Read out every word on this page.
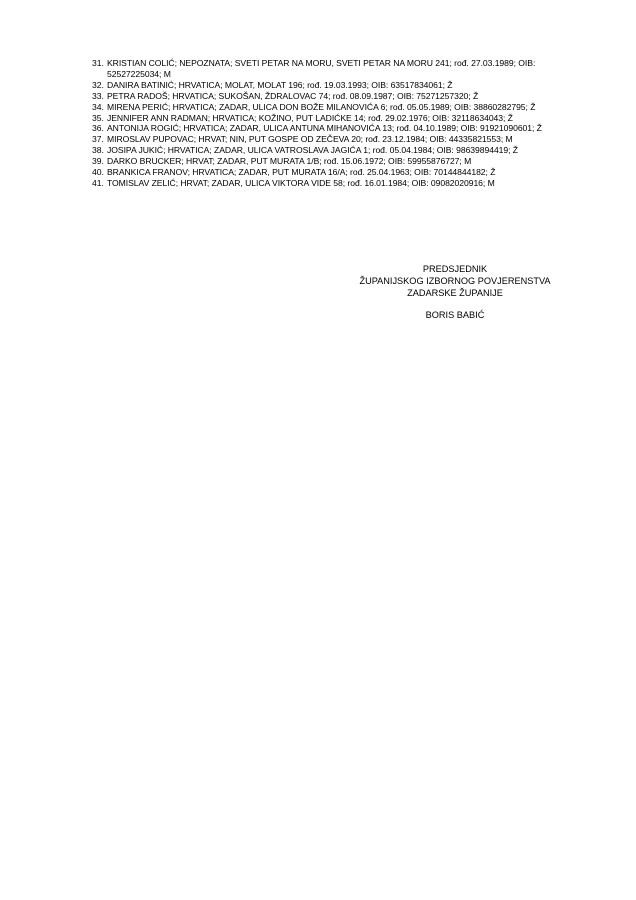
31. KRISTIAN COLIĆ; NEPOZNATA; SVETI PETAR NA MORU, SVETI PETAR NA MORU 241; rođ. 27.03.1989; OIB: 52527225034; M
32. DANIRA BATINIĆ; HRVATICA; MOLAT, MOLAT 196; rođ. 19.03.1993; OIB: 63517834061; Ž
33. PETRA RADOŠ; HRVATICA; SUKOŠAN, ŽDRALOVAC 74; rođ. 08.09.1987; OIB: 75271257320; Ž
34. MIRENA PERIĆ; HRVATICA; ZADAR, ULICA DON BOŽE MILANOVIĆA 6; rođ. 05.05.1989; OIB: 38860282795; Ž
35. JENNIFER ANN RADMAN; HRVATICA; KOŽINO, PUT LADIĆKE 14; rođ. 29.02.1976; OIB: 32118634043; Ž
36. ANTONIJA ROGIĆ; HRVATICA; ZADAR, ULICA ANTUNA MIHANOVIĆA 13; rođ. 04.10.1989; OIB: 91921090601; Ž
37. MIROSLAV PUPOVAC; HRVAT; NIN, PUT GOSPE OD ZEČEVA 20; rođ. 23.12.1984; OIB: 44335821553; M
38. JOSIPA JUKIĆ; HRVATICA; ZADAR, ULICA VATROSLAVA JAGIĆA 1; rođ. 05.04.1984; OIB: 98639894419; Ž
39. DARKO BRUCKER; HRVAT; ZADAR, PUT MURATA 1/B; rođ. 15.06.1972; OIB: 59955876727; M
40. BRANKICA FRANOV; HRVATICA; ZADAR, PUT MURATA 16/A; rođ. 25.04.1963; OIB: 70144844182; Ž
41. TOMISLAV ZELIĆ; HRVAT; ZADAR, ULICA VIKTORA VIDE 58; rođ. 16.01.1984; OIB: 09082020916; M
PREDSJEDNIK
ŽUPANIJSKOG IZBORNOG POVJERENSTVA
ZADARSKE ŽUPANIJE
BORIS BABIĆ
